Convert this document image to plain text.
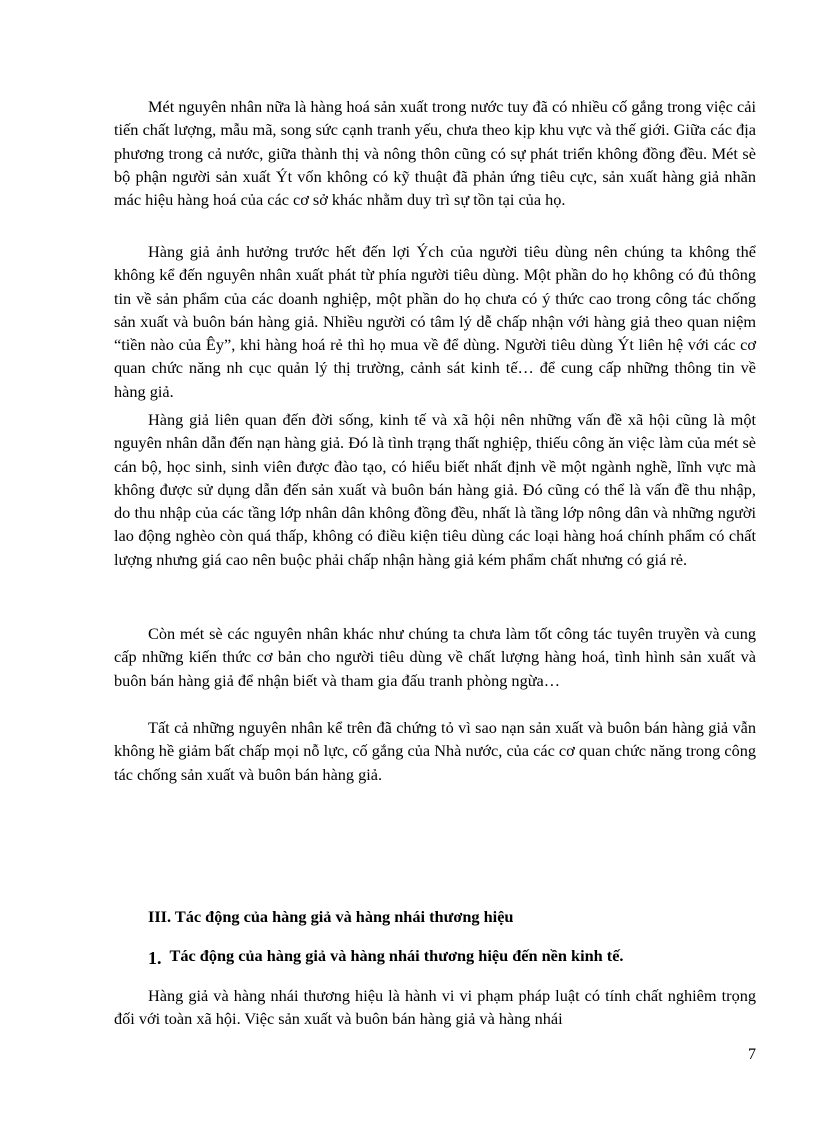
Mét nguyên nhân nữa là hàng hoá sản xuất trong nước tuy đã có nhiều cố gắng trong việc cải tiến chất lượng, mẫu mã, song sức cạnh tranh yếu, chưa theo kịp khu vực và thế giới. Giữa các địa phương trong cả nước, giữa thành thị và nông thôn cũng có sự phát triển không đồng đều. Mét sè bộ phận người sản xuất Ýt vốn không có kỹ thuật đã phản ứng tiêu cực, sản xuất hàng giả nhãn mác hiệu hàng hoá của các cơ sở khác nhằm duy trì sự tồn tại của họ.

Hàng giả ảnh hưởng trước hết đến lợi Ých của người tiêu dùng nên chúng ta không thể không kể đến nguyên nhân xuất phát từ phía người tiêu dùng. Một phần do họ không có đủ thông tin về sản phẩm của các doanh nghiệp, một phần do họ chưa có ý thức cao trong công tác chống sản xuất và buôn bán hàng giả. Nhiều người có tâm lý dễ chấp nhận với hàng giả theo quan niệm “tiền nào của Êy”, khi hàng hoá rẻ thì họ mua về để dùng. Người tiêu dùng Ýt liên hệ với các cơ quan chức năng nh cục quản lý thị trường, cảnh sát kinh tế… để cung cấp những thông tin về hàng giả.

Hàng giả liên quan đến đời sống, kinh tế và xã hội nên những vấn đề xã hội cũng là một nguyên nhân dẫn đến nạn hàng giả. Đó là tình trạng thất nghiệp, thiếu công ăn việc làm của mét sè cán bộ, học sinh, sinh viên được đào tạo, có hiểu biết nhất định về một ngành nghề, lĩnh vực mà không được sử dụng dẫn đến sản xuất và buôn bán hàng giả. Đó cũng có thể là vấn đề thu nhập, do thu nhập của các tầng lớp nhân dân không đồng đều, nhất là tầng lớp nông dân và những người lao động nghèo còn quá thấp, không có điều kiện tiêu dùng các loại hàng hoá chính phẩm có chất lượng nhưng giá cao nên buộc phải chấp nhận hàng giả kém phẩm chất nhưng có giá rẻ.

Còn mét sè các nguyên nhân khác như chúng ta chưa làm tốt công tác tuyên truyền và cung cấp những kiến thức cơ bản cho người tiêu dùng về chất lượng hàng hoá, tình hình sản xuất và buôn bán hàng giả để nhận biết và tham gia đấu tranh phòng ngừa…

Tất cả những nguyên nhân kể trên đã chứng tỏ vì sao nạn sản xuất và buôn bán hàng giả vẫn không hề giảm bất chấp mọi nỗ lực, cố gắng của Nhà nước, của các cơ quan chức năng trong công tác chống sản xuất và buôn bán hàng giả.

III. Tác động của hàng giả và hàng nhái thương hiệu
1. Tác động của hàng giả và hàng nhái thương hiệu đến nền kinh tế.

Hàng giả và hàng nhái thương hiệu là hành vi vi phạm pháp luật có tính chất nghiêm trọng đối với toàn xã hội. Việc sản xuất và buôn bán hàng giả và hàng nhái

7
